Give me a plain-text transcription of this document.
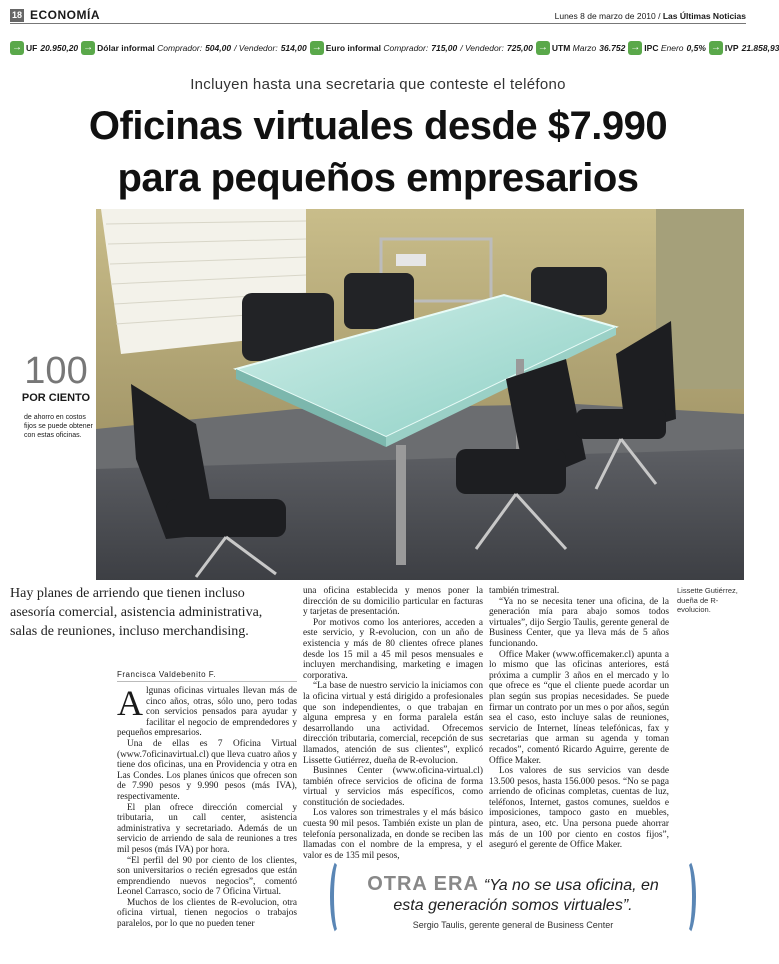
18 ECONOMÍA	Lunes 8 de marzo de 2010 / Las Últimas Noticias
→ UF 20.950,20 → Dólar informal
Comprador: 504,00 / Vendedor: 514,00 → Euro informal
Comprador: 715,00 / Vendedor: 725,00 → UTM
Marzo 36.752 → IPC
Enero 0,5% → IVP 21.858,93
Incluyen hasta una secretaria que conteste el teléfono
Oficinas virtuales desde $7.990
para pequeños empresarios
100
POR CIENTO
de ahorro en costos fijos se puede obtener con estas oficinas.
Lissette Gutiérrez, dueña de R-evolucion.
Hay planes de arriendo que tienen incluso asesoría comercial, asistencia administrativa, salas de reuniones, incluso merchandising.
Francisca Valdebenito F.

Algunas oficinas virtuales llevan más de cinco años, otras, sólo uno, pero todas con servicios pensados para ayudar y facilitar el negocio de emprendedores y pequeños empresarios.

Una de ellas es 7 Oficina Virtual (www.7oficinavirtual.cl) que lleva cuatro años y tiene dos oficinas, una en Providencia y otra en Las Condes. Los planes únicos que ofrecen son de 7.990 pesos y 9.990 pesos (más IVA), respectivamente.

El plan ofrece dirección comercial y tributaria, un call center, asistencia administrativa y secretariado. Además de un servicio de arriendo de sala de reuniones a tres mil pesos (más IVA) por hora.

“El perfil del 90 por ciento de los clientes, son universitarios o recién egresados que están emprendiendo nuevos negocios”, comentó Leonel Carrasco, socio de 7 Oficina Virtual.

Muchos de los clientes de R-evolucion, otra oficina virtual, tienen negocios o trabajos paralelos, por lo que no pueden tener

una oficina establecida y menos poner la dirección de su domicilio particular en facturas y tarjetas de presentación.

Por motivos como los anteriores, acceden a este servicio, y R-evolucion, con un año de existencia y más de 80 clientes ofrece planes desde los 15 mil a 45 mil pesos mensuales e incluyen merchandising, marketing e imagen corporativa.

“La base de nuestro servicio la iniciamos con la oficina virtual y está dirigido a profesionales que son independientes, o que trabajan en alguna empresa y en forma paralela están desarrollando una actividad. Ofrecemos dirección tributaria, comercial, recepción de sus llamados, atención de sus clientes”, explicó Lissette Gutiérrez, dueña de R-evolucion.

Businnes Center (www.oficina-virtual.cl) también ofrece servicios de oficina de forma virtual y servicios más específicos, como constitución de sociedades.

Los valores son trimestrales y el más básico cuesta 90 mil pesos. También existe un plan de telefonía personalizada, en donde se reciben las llamadas con el nombre de la empresa, y el valor es de 135 mil pesos,

también trimestral.

“Ya no se necesita tener una oficina, de la generación mía para abajo somos todos virtuales”, dijo Sergio Taulis, gerente general de Business Center, que ya lleva más de 5 años funcionando.

Office Maker (www.officemaker.cl) apunta a lo mismo que las oficinas anteriores, está próxima a cumplir 3 años en el mercado y lo que ofrece es “que el cliente puede acordar un plan según sus propias necesidades. Se puede firmar un contrato por un mes o por años, según sea el caso, esto incluye salas de reuniones, servicio de Internet, líneas telefónicas, fax y secretarias que arman su agenda y toman recados”, comentó Ricardo Aguirre, gerente de Office Maker.

Los valores de sus servicios van desde 13.500 pesos, hasta 156.000 pesos. “No se paga arriendo de oficinas completas, cuentas de luz, teléfonos, Internet, gastos comunes, sueldos e imposiciones, tampoco gasto en muebles, pintura, aseo, etc. Una persona puede ahorrar más de un 100 por ciento en costos fijos”, aseguró el gerente de Office Maker.

OTRA ERA “Ya no se usa oficina, en esta generación somos virtuales”.
Sergio Taulis, gerente general de Business Center
